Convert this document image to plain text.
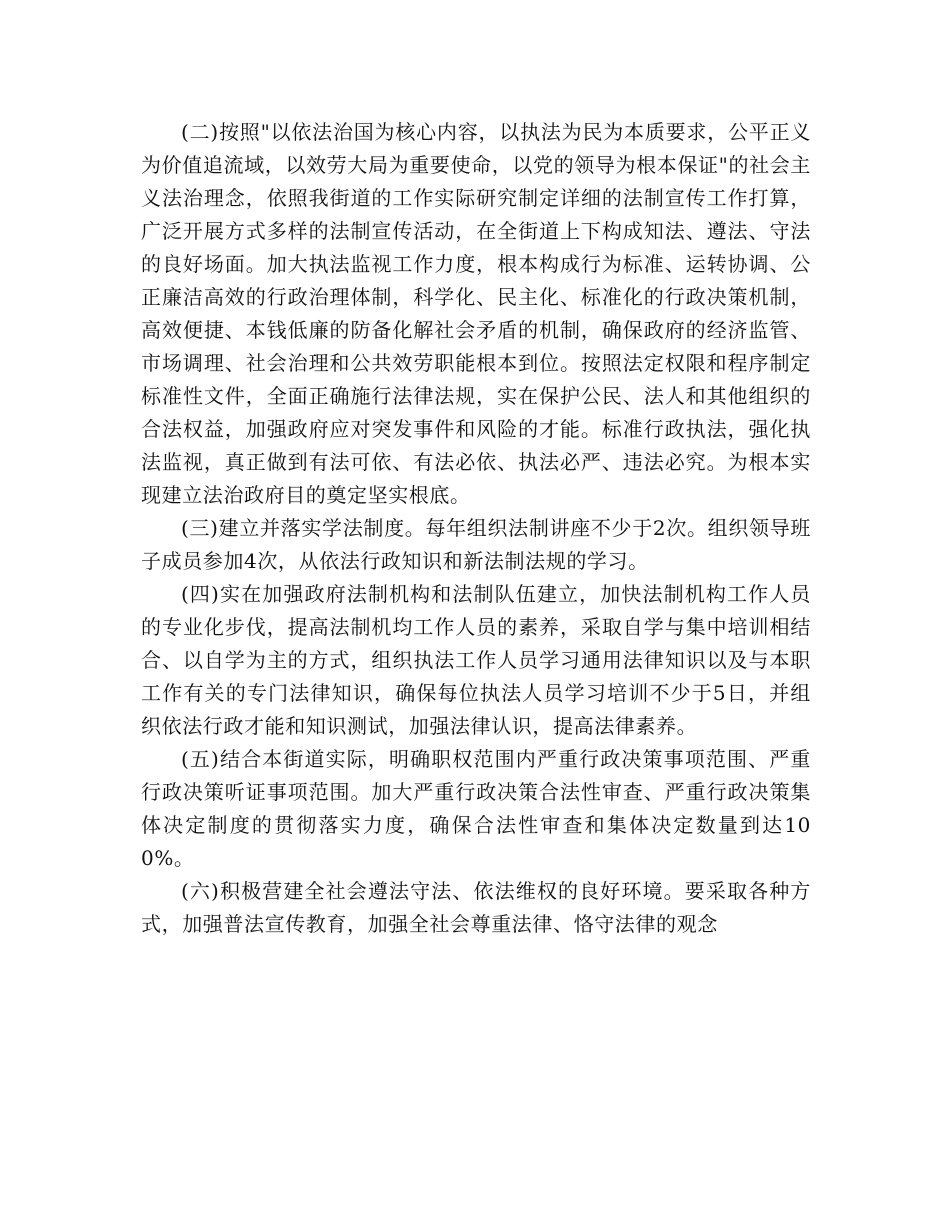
(二)按照"以依法治国为核心内容，以执法为民为本质要求，公平正义为价值追流域，以效劳大局为重要使命，以党的领导为根本保证"的社会主义法治理念，依照我街道的工作实际研究制定详细的法制宣传工作打算，广泛开展方式多样的法制宣传活动，在全街道上下构成知法、遵法、守法的良好场面。加大执法监视工作力度，根本构成行为标准、运转协调、公正廉洁高效的行政治理体制，科学化、民主化、标准化的行政决策机制，高效便捷、本钱低廉的防备化解社会矛盾的机制，确保政府的经济监管、市场调理、社会治理和公共效劳职能根本到位。按照法定权限和程序制定标准性文件，全面正确施行法律法规，实在保护公民、法人和其他组织的合法权益，加强政府应对突发事件和风险的才能。标准行政执法，强化执法监视，真正做到有法可依、有法必依、执法必严、违法必究。为根本实现建立法治政府目的奠定坚实根底。

(三)建立并落实学法制度。每年组织法制讲座不少于2次。组织领导班子成员参加4次，从依法行政知识和新法制法规的学习。

(四)实在加强政府法制机构和法制队伍建立，加快法制机构工作人员的专业化步伐，提高法制机均工作人员的素养，采取自学与集中培训相结合、以自学为主的方式，组织执法工作人员学习通用法律知识以及与本职工作有关的专门法律知识，确保每位执法人员学习培训不少于5日，并组织依法行政才能和知识测试，加强法律认识，提高法律素养。

(五)结合本街道实际，明确职权范围内严重行政决策事项范围、严重行政决策听证事项范围。加大严重行政决策合法性审查、严重行政决策集体决定制度的贯彻落实力度，确保合法性审查和集体决定数量到达100%。

(六)积极营建全社会遵法守法、依法维权的良好环境。要采取各种方式，加强普法宣传教育，加强全社会尊重法律、恪守法律的观念
